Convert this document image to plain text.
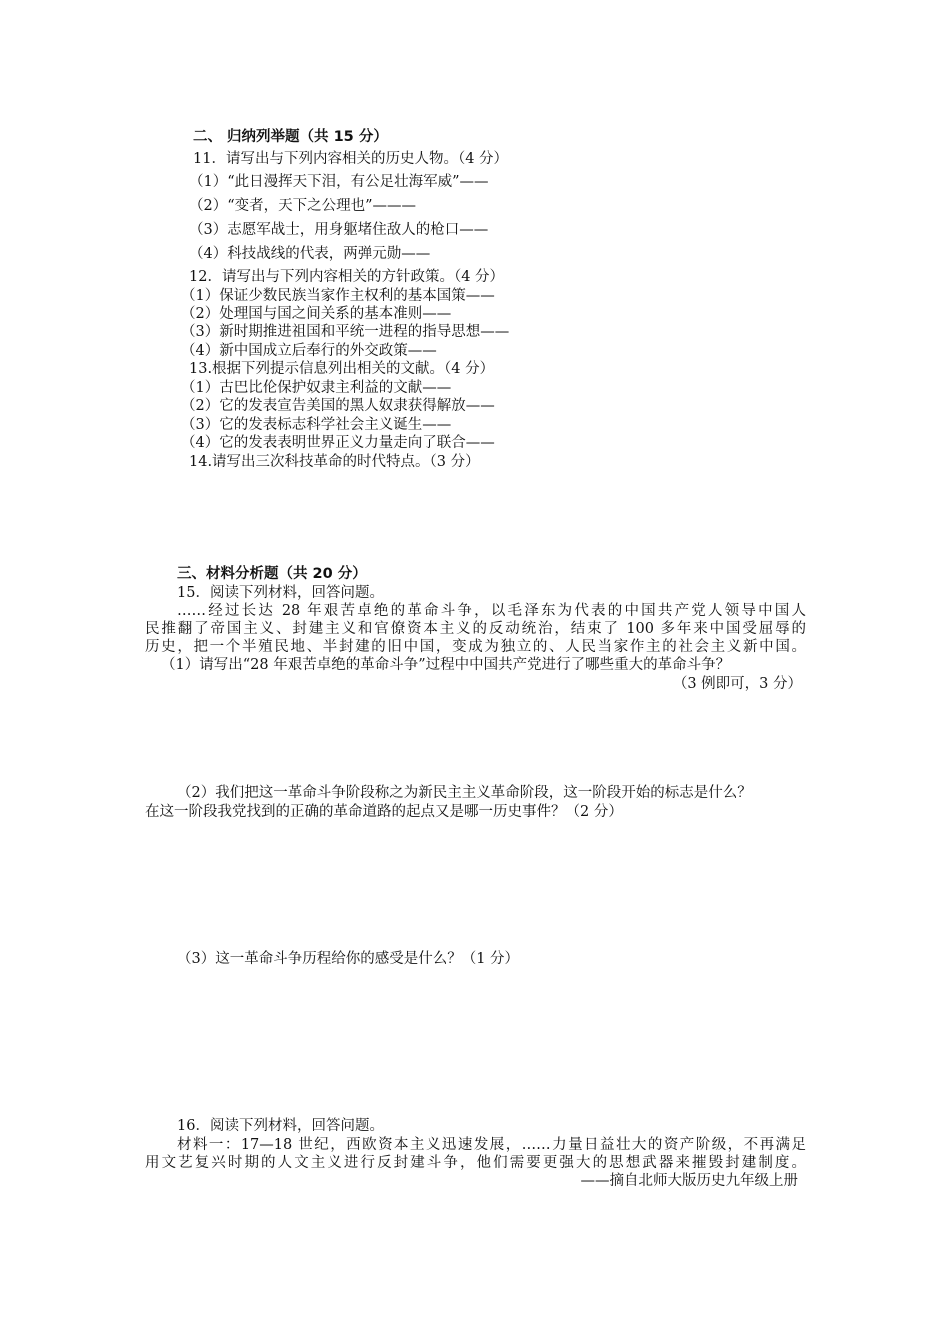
二、 归纳列举题（共 15 分）
11．请写出与下列内容相关的历史人物。（4 分）
（1）“此日漫挥天下泪，有公足壮海军威”——
（2）“变者，天下之公理也”———
（3）志愿军战士，用身躯堵住敌人的枪口——
（4）科技战线的代表，两弹元勋——
12．请写出与下列内容相关的方针政策。（4 分）
（1）保证少数民族当家作主权利的基本国策——
（2）处理国与国之间关系的基本准则——
（3）新时期推进祖国和平统一进程的指导思想——
（4）新中国成立后奉行的外交政策——
13.根据下列提示信息列出相关的文献。（4 分）
（1）古巴比伦保护奴隶主利益的文献——
（2）它的发表宣告美国的黑人奴隶获得解放——
（3）它的发表标志科学社会主义诞生——
（4）它的发表表明世界正义力量走向了联合——
14.请写出三次科技革命的时代特点。（3 分）
三、材料分析题（共 20 分）
15．阅读下列材料，回答问题。
……经过长达 28 年艰苦卓绝的革命斗争，以毛泽东为代表的中国共产党人领导中国人
民推翻了帝国主义、封建主义和官僚资本主义的反动统治，结束了 100 多年来中国受屈辱的
历史，把一个半殖民地、半封建的旧中国，变成为独立的、人民当家作主的社会主义新中国。
（1）请写出“28 年艰苦卓绝的革命斗争”过程中中国共产党进行了哪些重大的革命斗争？
（3 例即可，3 分）
（2）我们把这一革命斗争阶段称之为新民主主义革命阶段，这一阶段开始的标志是什么？
在这一阶段我党找到的正确的革命道路的起点又是哪一历史事件？（2 分）
（3）这一革命斗争历程给你的感受是什么？（1 分）
16．阅读下列材料，回答问题。
材料一：17—18 世纪，西欧资本主义迅速发展，……力量日益壮大的资产阶级，不再满足
用文艺复兴时期的人文主义进行反封建斗争，他们需要更强大的思想武器来摧毁封建制度。
——摘自北师大版历史九年级上册
